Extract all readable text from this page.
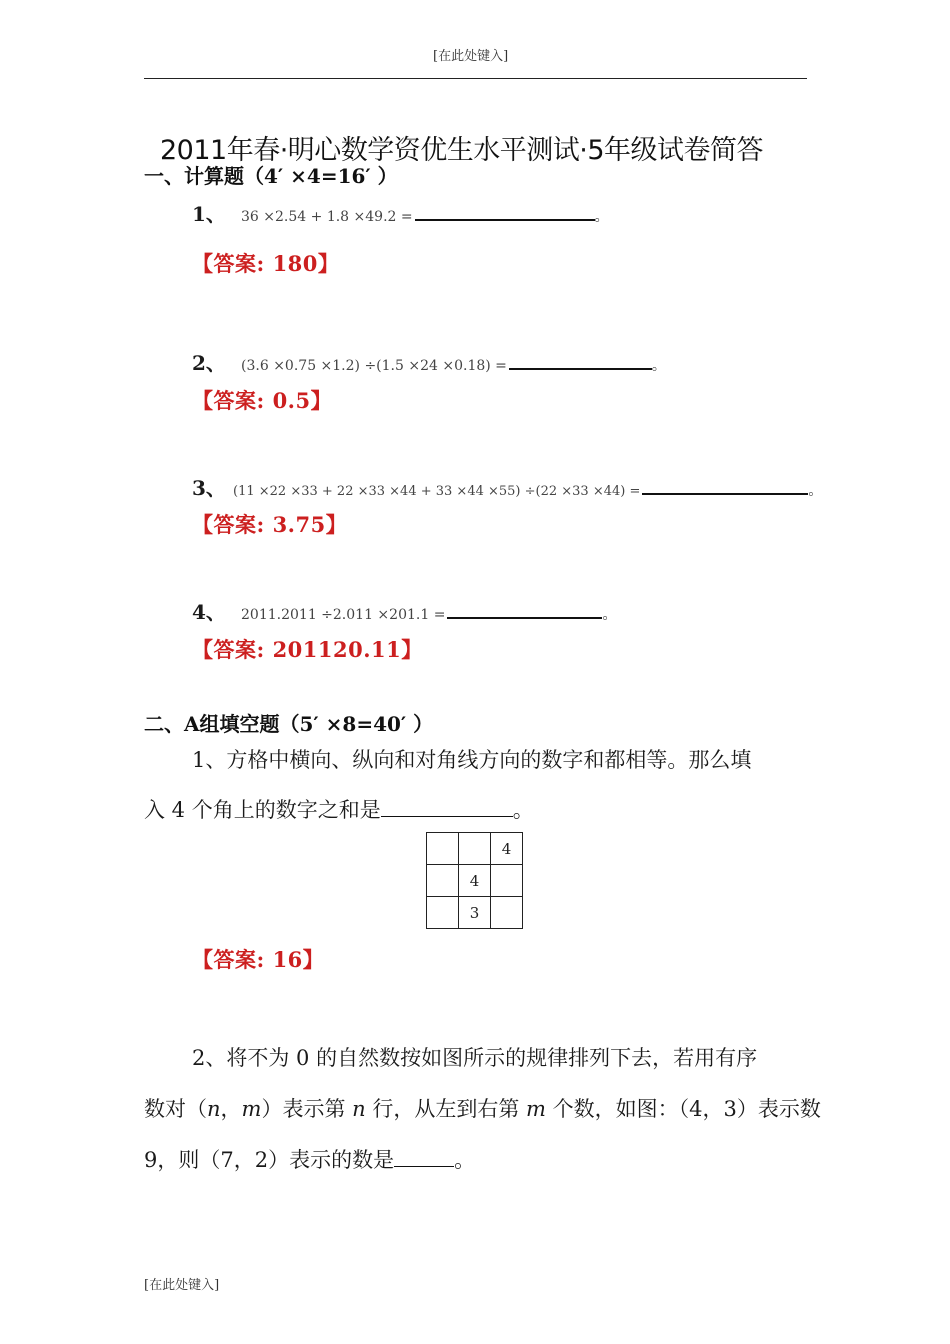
[在此处键入]
2011年春·明心数学资优生水平测试·5年级试卷简答
一、计算题（4′ ×4=16′ ）
1、 36 ×2.54 + 1.8 ×49.2 =	。
【答案: 180】
2、 (3.6 ×0.75 ×1.2) ÷(1.5 ×24 ×0.18) =	。
【答案: 0.5】
3、 (11 ×22 ×33 + 22 ×33 ×44 + 33 ×44 ×55) ÷(22 ×33 ×44) =	。
【答案: 3.75】
4、 2011.2011 ÷2.011 ×201.1 =	。
【答案: 201120.11】
二、A组填空题（5′ ×8=40′ ）
1、方格中横向、纵向和对角线方向的数字和都相等。那么填
入 4 个角上的数字之和是	。
		4
	4	
	3	
【答案: 16】
2、将不为 0 的自然数按如图所示的规律排列下去，若用有序
数对（n，m）表示第 n 行，从左到右第 m 个数，如图：（4，3）表示数
9，则（7，2）表示的数是	。
[在此处键入]
